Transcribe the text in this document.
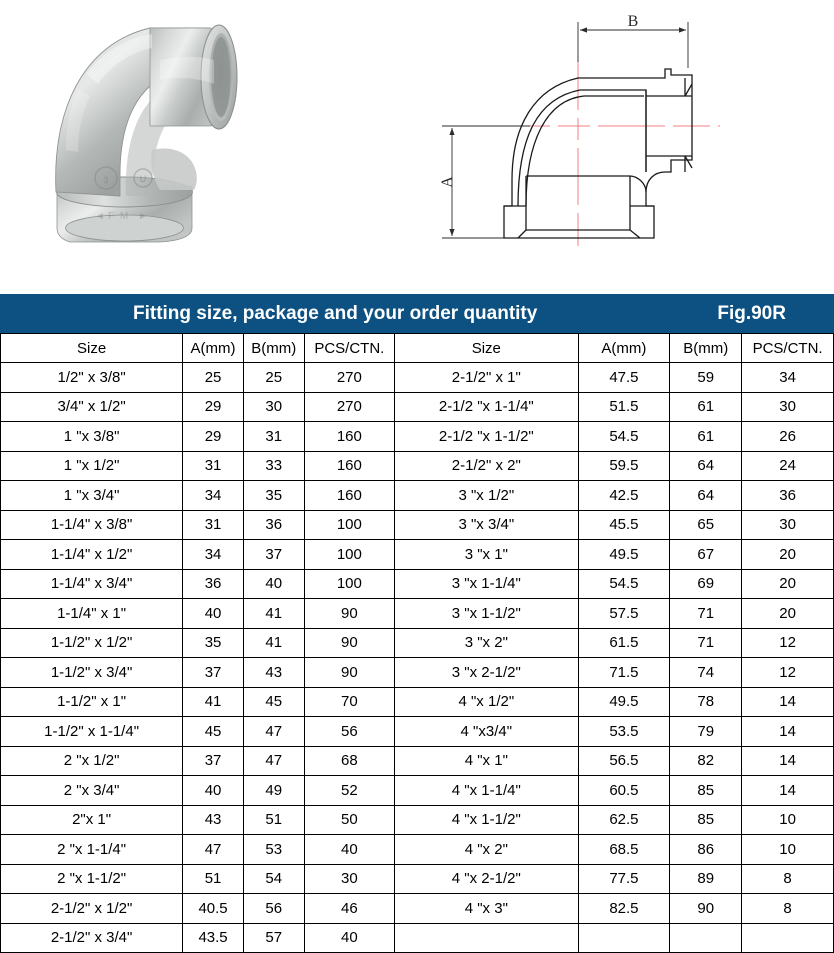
U
B
A
Fitting size, package and your order quantity						Fig.90R	
Size	A(mm)	B(mm)	PCS/CTN.	Size	A(mm)	B(mm)	PCS/CTN.
1/2" x 3/8"	25	25	270	2-1/2" x 1"	47.5	59	34
3/4" x 1/2"	29	30	270	2-1/2 "x 1-1/4"	51.5	61	30
1 "x 3/8"	29	31	160	2-1/2 "x 1-1/2"	54.5	61	26
1 "x 1/2"	31	33	160	2-1/2" x 2"	59.5	64	24
1 "x 3/4"	34	35	160	3 "x 1/2"	42.5	64	36
1-1/4" x 3/8"	31	36	100	3 "x 3/4"	45.5	65	30
1-1/4" x 1/2"	34	37	100	3 "x 1"	49.5	67	20
1-1/4" x 3/4"	36	40	100	3 "x 1-1/4"	54.5	69	20
1-1/4" x 1"	40	41	90	3 "x 1-1/2"	57.5	71	20
1-1/2" x 1/2"	35	41	90	3 "x 2"	61.5	71	12
1-1/2" x 3/4"	37	43	90	3 "x 2-1/2"	71.5	74	12
1-1/2" x 1"	41	45	70	4 "x 1/2"	49.5	78	14
1-1/2" x 1-1/4"	45	47	56	4 "x3/4"	53.5	79	14
2 "x 1/2"	37	47	68	4 "x 1"	56.5	82	14
2 "x 3/4"	40	49	52	4 "x 1-1/4"	60.5	85	14
2"x 1"	43	51	50	4 "x 1-1/2"	62.5	85	10
2 "x 1-1/4"	47	53	40	4 "x 2"	68.5	86	10
2 "x 1-1/2"	51	54	30	4 "x 2-1/2"	77.5	89	8
2-1/2" x 1/2"	40.5	56	46	4 "x 3"	82.5	90	8
2-1/2" x 3/4"	43.5	57	40				
